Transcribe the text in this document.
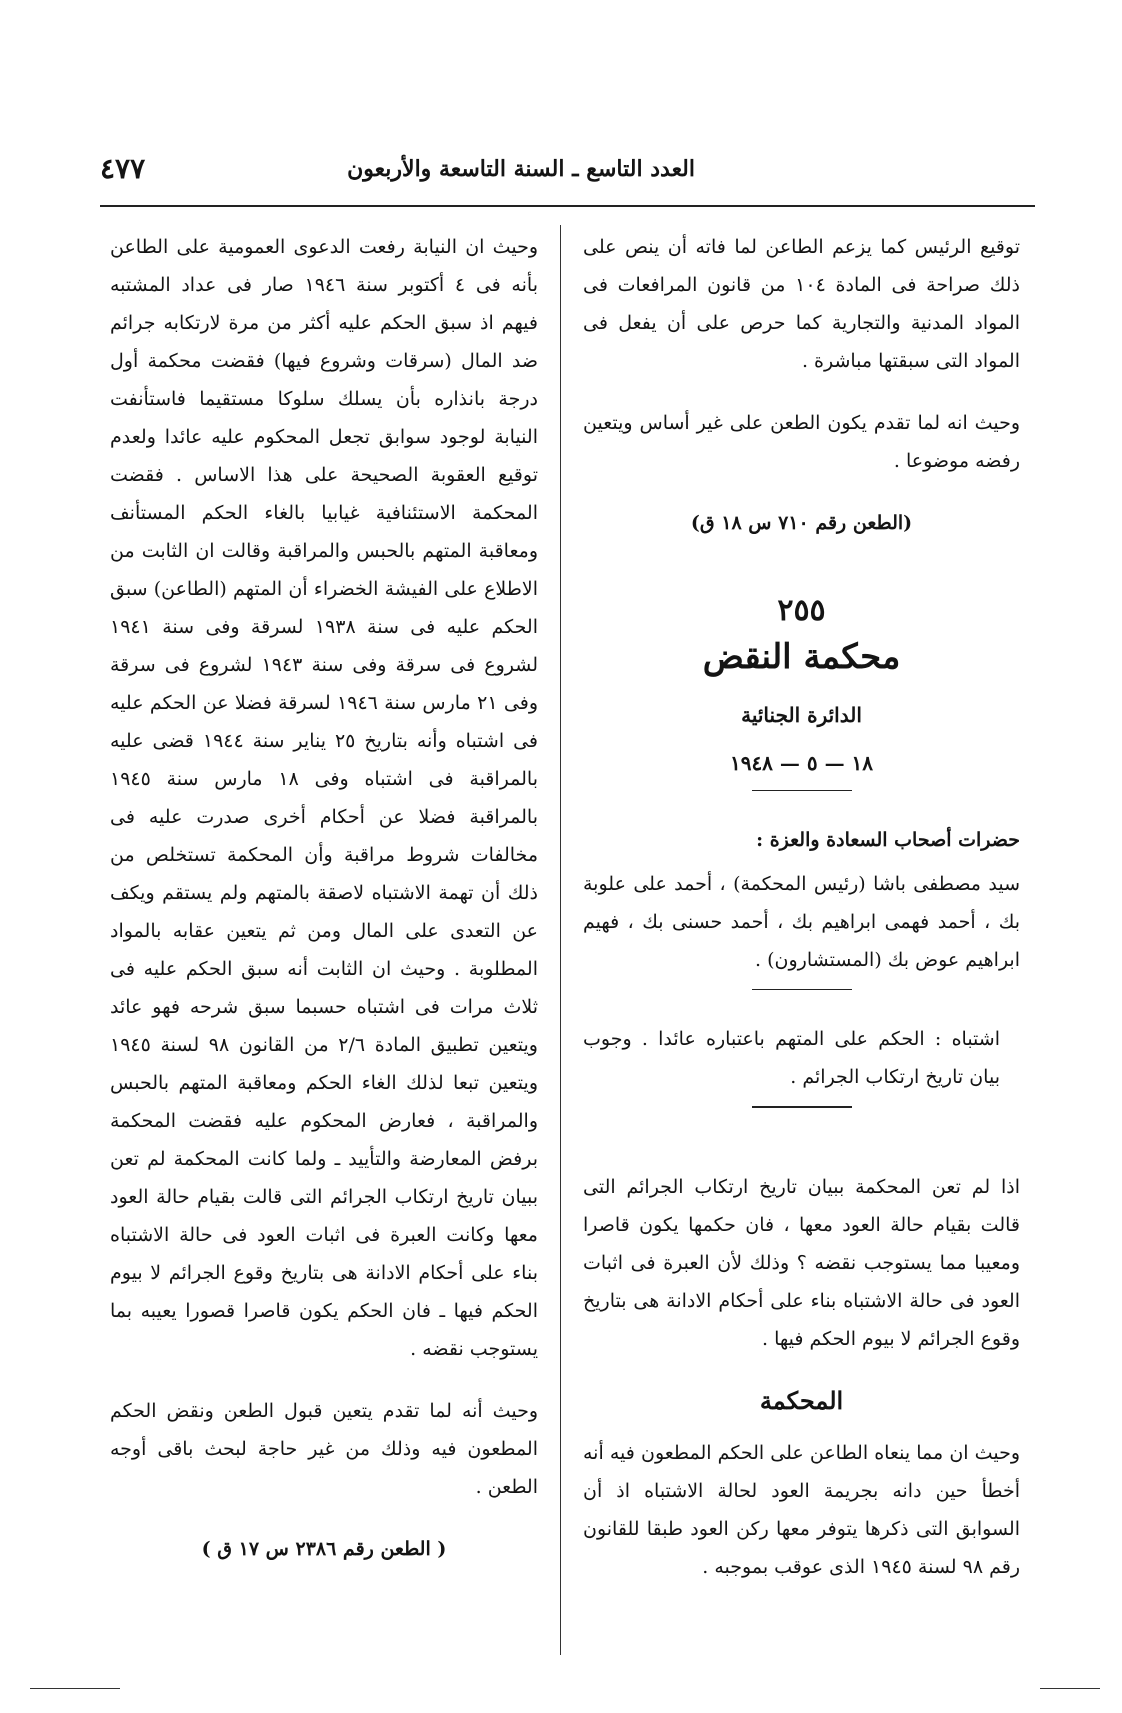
العدد التاسع ـ السنة التاسعة والأربعون
٤٧٧

توقيع الرئيس كما يزعم الطاعن لما فاته أن ينص على ذلك صراحة فى المادة ١٠٤ من قانون المرافعات فى المواد المدنية والتجارية كما حرص على أن يفعل فى المواد التى سبقتها مباشرة .

وحيث انه لما تقدم يكون الطعن على غير أساس ويتعين رفضه موضوعا .

(الطعن رقم ٧١٠ س ١٨ ق)
٢٥٥
محكمة النقض
الدائرة الجنائية
١٨ — ٥ — ١٩٤٨
حضرات أصحاب السعادة والعزة :
سيد مصطفى باشا (رئيس المحكمة) ، أحمد على علوبة بك ، أحمد فهمى ابراهيم بك ، أحمد حسنى بك ، فهيم ابراهيم عوض بك (المستشارون) .
اشتباه : الحكم على المتهم باعتباره عائدا . وجوب بيان تاريخ ارتكاب الجرائم .

اذا لم تعن المحكمة ببيان تاريخ ارتكاب الجرائم التى قالت بقيام حالة العود معها ، فان حكمها يكون قاصرا ومعيبا مما يستوجب نقضه ؟ وذلك لأن العبرة فى اثبات العود فى حالة الاشتباه بناء على أحكام الادانة هى بتاريخ وقوع الجرائم لا بيوم الحكم فيها .

المحكمة

وحيث ان مما ينعاه الطاعن على الحكم المطعون فيه أنه أخطأ حين دانه بجريمة العود لحالة الاشتباه اذ أن السوابق التى ذكرها يتوفر معها ركن العود طبقا للقانون رقم ٩٨ لسنة ١٩٤٥ الذى عوقب بموجبه .

وحيث ان النيابة رفعت الدعوى العمومية على الطاعن بأنه فى ٤ أكتوبر سنة ١٩٤٦ صار فى عداد المشتبه فيهم اذ سبق الحكم عليه أكثر من مرة لارتكابه جرائم ضد المال (سرقات وشروع فيها) فقضت محكمة أول درجة بانذاره بأن يسلك سلوكا مستقيما فاستأنفت النيابة لوجود سوابق تجعل المحكوم عليه عائدا ولعدم توقيع العقوبة الصحيحة على هذا الاساس . فقضت المحكمة الاستئنافية غيابيا بالغاء الحكم المستأنف ومعاقبة المتهم بالحبس والمراقبة وقالت ان الثابت من الاطلاع على الفيشة الخضراء أن المتهم (الطاعن) سبق الحكم عليه فى سنة ١٩٣٨ لسرقة وفى سنة ١٩٤١ لشروع فى سرقة وفى سنة ١٩٤٣ لشروع فى سرقة وفى ٢١ مارس سنة ١٩٤٦ لسرقة فضلا عن الحكم عليه فى اشتباه وأنه بتاريخ ٢٥ يناير سنة ١٩٤٤ قضى عليه بالمراقبة فى اشتباه وفى ١٨ مارس سنة ١٩٤٥ بالمراقبة فضلا عن أحكام أخرى صدرت عليه فى مخالفات شروط مراقبة وأن المحكمة تستخلص من ذلك أن تهمة الاشتباه لاصقة بالمتهم ولم يستقم ويكف عن التعدى على المال ومن ثم يتعين عقابه بالمواد المطلوبة . وحيث ان الثابت أنه سبق الحكم عليه فى ثلاث مرات فى اشتباه حسبما سبق شرحه فهو عائد ويتعين تطبيق المادة ٢/٦ من القانون ٩٨ لسنة ١٩٤٥ ويتعين تبعا لذلك الغاء الحكم ومعاقبة المتهم بالحبس والمراقبة ، فعارض المحكوم عليه فقضت المحكمة برفض المعارضة والتأييد ـ ولما كانت المحكمة لم تعن ببيان تاريخ ارتكاب الجرائم التى قالت بقيام حالة العود معها وكانت العبرة فى اثبات العود فى حالة الاشتباه بناء على أحكام الادانة هى بتاريخ وقوع الجرائم لا بيوم الحكم فيها ـ فان الحكم يكون قاصرا قصورا يعيبه بما يستوجب نقضه .

وحيث أنه لما تقدم يتعين قبول الطعن ونقض الحكم المطعون فيه وذلك من غير حاجة لبحث باقى أوجه الطعن .

( الطعن رقم ٢٣٨٦ س ١٧ ق )
